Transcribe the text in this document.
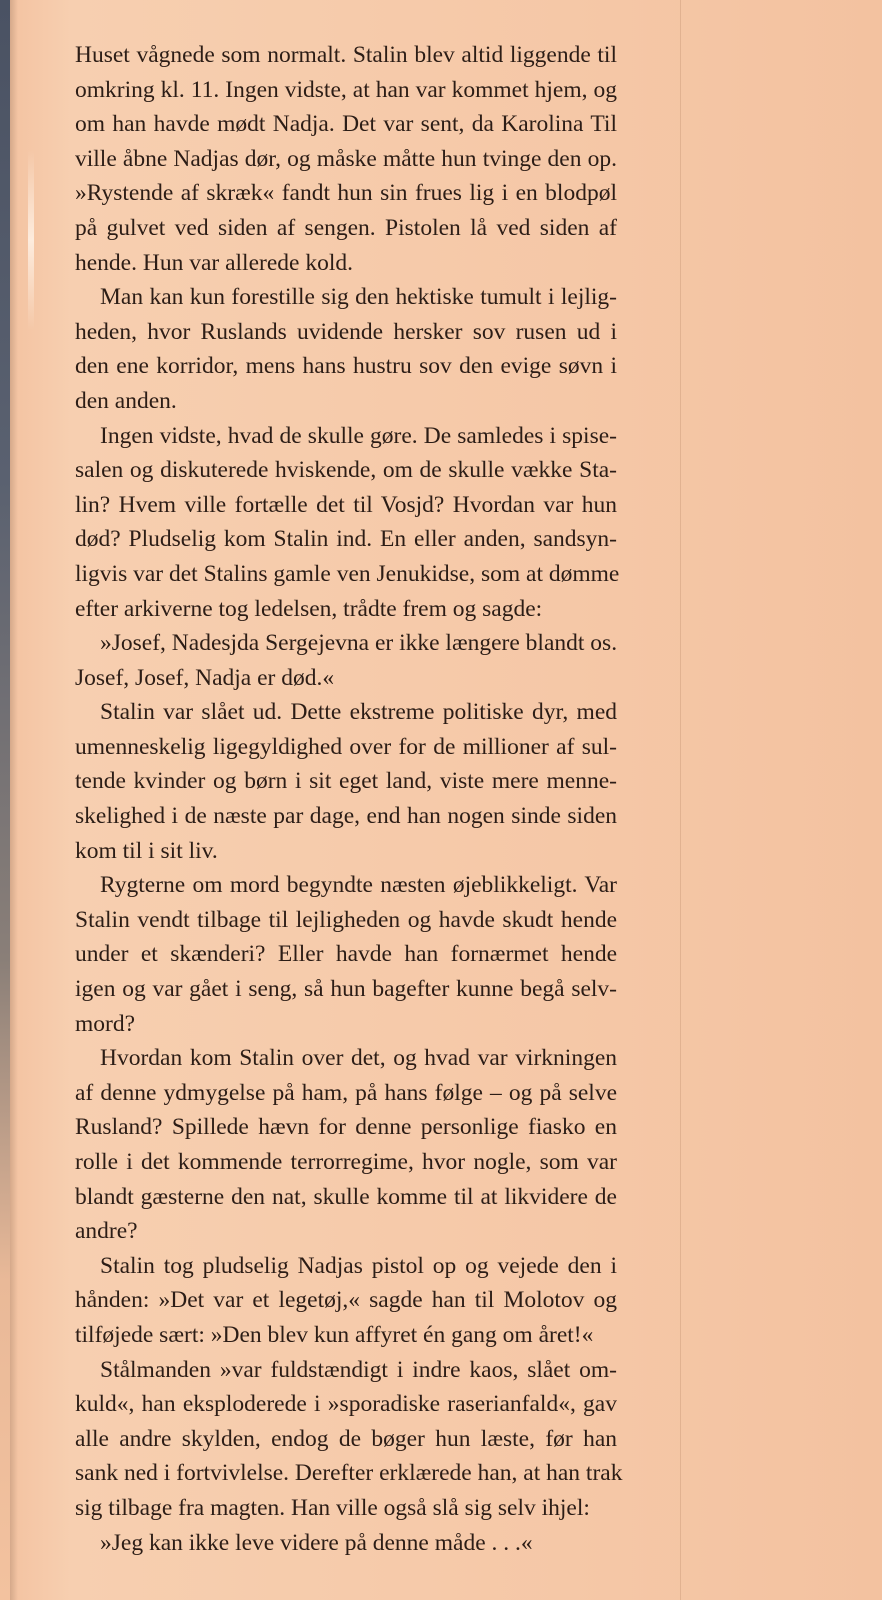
Huset vågnede som normalt. Stalin blev altid liggende til
omkring kl. 11. Ingen vidste, at han var kommet hjem, og
om han havde mødt Nadja. Det var sent, da Karolina Til
ville åbne Nadjas dør, og måske måtte hun tvinge den op.
»Rystende af skræk« fandt hun sin frues lig i en blodpøl
på gulvet ved siden af sengen. Pistolen lå ved siden af
hende. Hun var allerede kold.
Man kan kun forestille sig den hektiske tumult i lejlig-
heden, hvor Ruslands uvidende hersker sov rusen ud i
den ene korridor, mens hans hustru sov den evige søvn i
den anden.
Ingen vidste, hvad de skulle gøre. De samledes i spise-
salen og diskuterede hviskende, om de skulle vække Sta-
lin? Hvem ville fortælle det til Vosjd? Hvordan var hun
død? Pludselig kom Stalin ind. En eller anden, sandsyn-
ligvis var det Stalins gamle ven Jenukidse, som at dømme
efter arkiverne tog ledelsen, trådte frem og sagde:
»Josef, Nadesjda Sergejevna er ikke længere blandt os.
Josef, Josef, Nadja er død.«
Stalin var slået ud. Dette ekstreme politiske dyr, med
umenneskelig ligegyldighed over for de millioner af sul-
tende kvinder og børn i sit eget land, viste mere menne-
skelighed i de næste par dage, end han nogen sinde siden
kom til i sit liv.
Rygterne om mord begyndte næsten øjeblikkeligt. Var
Stalin vendt tilbage til lejligheden og havde skudt hende
under et skænderi? Eller havde han fornærmet hende
igen og var gået i seng, så hun bagefter kunne begå selv-
mord?
Hvordan kom Stalin over det, og hvad var virkningen
af denne ydmygelse på ham, på hans følge – og på selve
Rusland? Spillede hævn for denne personlige fiasko en
rolle i det kommende terrorregime, hvor nogle, som var
blandt gæsterne den nat, skulle komme til at likvidere de
andre?
Stalin tog pludselig Nadjas pistol op og vejede den i
hånden: »Det var et legetøj,« sagde han til Molotov og
tilføjede sært: »Den blev kun affyret én gang om året!«
Stålmanden »var fuldstændigt i indre kaos, slået om-
kuld«, han eksploderede i »sporadiske raserianfald«, gav
alle andre skylden, endog de bøger hun læste, før han
sank ned i fortvivlelse. Derefter erklærede han, at han trak
sig tilbage fra magten. Han ville også slå sig selv ihjel:
»Jeg kan ikke leve videre på denne måde . . .«
